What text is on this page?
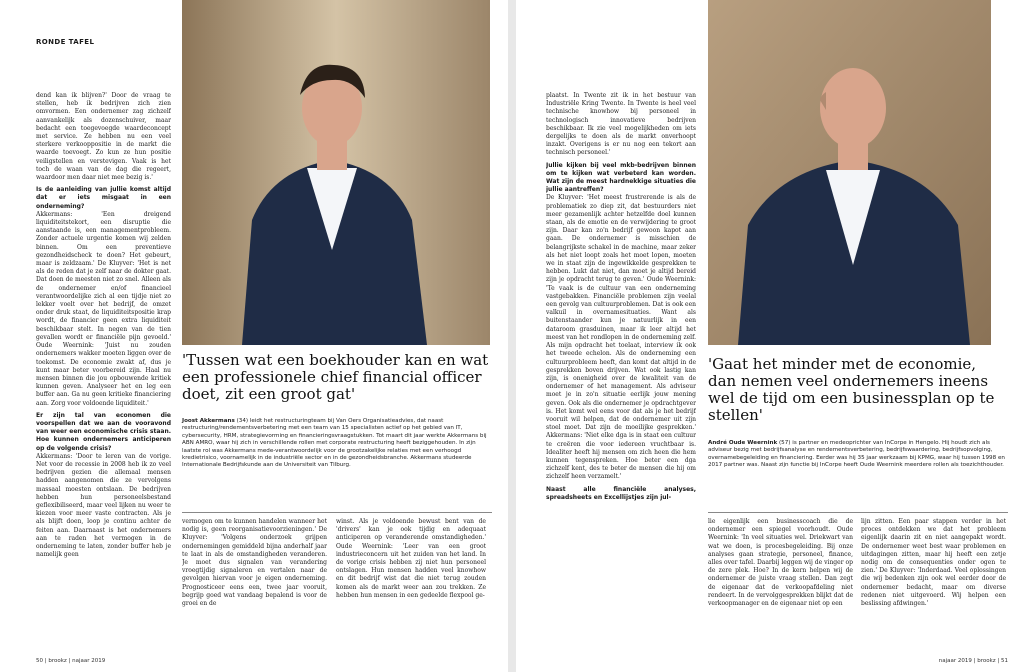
RONDE TAFEL

dend kan ik blijven?' Door de vraag te stellen, heb ik bedrijven zich zien omvormen. Een ondernemer zag zichzelf aanvankelijk als dozenschuiver, maar bedacht een toegevoegde waardeconcept met service. Ze hebben nu een veel sterkere verkooppositie in de markt die waarde toevoegt. Zo kun ze hun positie veiligstellen en verstevigen. Vaak is het toch de waan van de dag die regeert, waardoor men daar niet mee bezig is.'

Is de aanleiding van jullie komst altijd dat er iets misgaat in een onderneming?

Akkermans: 'Een dreigend liquiditeitstekort, een disruptie die aanstaande is, een managementprobleem. Zonder actuele urgentie komen wij zelden binnen. Om een preventieve gezondheidscheck te doen? Het gebeurt, maar is zeldzaam.' De Kluyver: 'Het is net als de reden dat je zelf naar de dokter gaat. Dat doen de meesten niet zo snel. Alleen als de ondernemer en/of financieel verantwoordelijke zich al een tijdje niet zo lekker voelt over het bedrijf, de omzet onder druk staat, de liquiditeitspositie krap wordt, de financier geen extra liquiditeit beschikbaar stelt. In negen van de tien gevallen wordt er financiële pijn gevoeld.' Oude Weernink: 'Juist nu zouden ondernemers wakker moeten liggen over de toekomst. De economie zwakt af, dus je kunt maar beter voorbereid zijn. Haal nu mensen binnen die jou opbouwende kritiek kunnen geven. Analyseer het en leg een buffer aan. Ga nu geen kritieke financiering aan. Zorg voor voldoende liquiditeit.'

Er zijn tal van economen die voorspellen dat we aan de vooravond van weer een economische crisis staan. Hoe kunnen ondernemers anticiperen op de volgende crisis?

Akkermans: 'Door te leren van de vorige. Net voor de recessie in 2008 heb ik zo veel bedrijven gezien die allemaal mensen hadden aangenomen die ze vervolgens massaal moesten ontslaan. De bedrijven hebben hun personeelsbestand geflexibiliseerd, maar veel lijken nu weer te kiezen voor meer vaste contracten. Als je als blijft doen, loop je continu achter de feiten aan. Daarnaast is het ondernemers aan te raden het vermogen in de onderneming te laten, zonder buffer heb je namelijk geen

'Tussen wat een boekhouder kan en wat een professionele chief financial officer doet, zit een groot gat'
Joost Akkermans (34) leidt het restructuringteam bij Van Oers Organisatieadvies, dat naast restructuring/rendementsverbetering met een team van 15 specialisten actief op het gebied van IT, cybersecurity, HRM, strategievorming en financieringsvraagstukken. Tot maart dit jaar werkte Akkermans bij ABN AMRO, waar hij zich in verschillende rollen met corporate restructuring heeft beziggehouden. In zijn laatste rol was Akkermans mede-verantwoordelijk voor de grootzakelijke relaties met een verhoogd kredietrisico, voornamelijk in de industriële sector en in de gezondheidsbranche. Akkermans studeerde Internationale Bedrijfskunde aan de Universiteit van Tilburg.

vermogen om te kunnen handelen wanneer het nodig is, geen reorganisatievoorzieningen.' De Kluyver: 'Volgens onderzoek grijpen ondernemingen gemiddeld bijna anderhalf jaar te laat in als de omstandigheden veranderen. Je moet dus signalen van verandering vroegtijdig signaleren en vertalen naar de gevolgen hiervan voor je eigen onderneming. Prognosticeer eens een, twee jaar vooruit, begrijp goed wat vandaag bepalend is voor de groei en de

winst. Als je voldoende bewust bent van de 'drivers' kan je ook tijdig en adequaat anticiperen op veranderende omstandigheden.' Oude Weernink: 'Leer van een groot industrieconcern uit het zuiden van het land. In de vorige crisis hebben zij niet hun personeel ontslagen. Hun mensen hadden veel knowhow en dit bedrijf wist dat die niet terug zouden komen als de markt weer aan zou trekken. Ze hebben hun mensen in een gedeelde flexpool ge-

50 | brookz | najaar 2019

plaatst. In Twente zit ik in het bestuur van Industriële Kring Twente. In Twente is heel veel technische knowhow bij personeel in technologisch innovatieve bedrijven beschikbaar. Ik zie veel mogelijkheden om iets dergelijks te doen als de markt onverhoopt inzakt. Overigens is er nu nog een tekort aan technisch personeel.'

Jullie kijken bij veel mkb-bedrijven binnen om te kijken wat verbeterd kan worden. Wat zijn de meest hardnekkige situaties die jullie aantreffen?

De Kluyver: 'Het meest frustrerende is als de problematiek zo diep zit, dat bestuurders niet meer gezamenlijk achter hetzelfde doel kunnen staan, als de emotie en de verwijdering te groot zijn. Daar kan zo'n bedrijf gewoon kapot aan gaan. De ondernemer is misschien de belangrijkste schakel in de machine, maar zeker als het niet loopt zoals het moet lopen, moeten we in staat zijn de ingewikkelde gesprekken te hebben. Lukt dat niet, dan moet je altijd bereid zijn je opdracht terug te geven.' Oude Weernink: 'Te vaak is de cultuur van een onderneming vastgebakken. Financiële problemen zijn veelal een gevolg van cultuurproblemen. Dat is ook een valkuil in overnamesituaties. Want als buitenstaander kun je natuurlijk in een dataroom grasduinen, maar ik leer altijd het meest van het rondlopen in de onderneming zelf. Als mijn opdracht het toelaat, interview ik ook het tweede echelon. Als de onderneming een cultuurprobleem heeft, dan komt dat altijd in de gesprekken boven drijven. Wat ook lastig kan zijn, is onenigheid over de kwaliteit van de ondernemer of het management. Als adviseur moet je in zo'n situatie eerlijk jouw mening geven. Ook als die ondernemer je opdrachtgever is. Het komt wel eens voor dat als je het bedrijf vooruit wil helpen, dat de ondernemer uit zijn stoel moet. Dat zijn de moeilijke gesprekken.' Akkermans: 'Niet elke dga is in staat een cultuur te creëren die voor iedereen vruchtbaar is. Idealiter heeft hij mensen om zich heen die hem kunnen tegenspreken. Hoe beter een dga zichzelf kent, des te beter de mensen die hij om zichzelf heen verzamelt.'

Naast alle financiële analyses, spreadsheets en Excellijstjes zijn jul-

'Gaat het minder met de economie, dan nemen veel ondernemers ineens wel de tijd om een businessplan op te stellen'
André Oude Weernink (57) is partner en medeoprichter van InCorpe in Hengelo. Hij houdt zich als adviseur bezig met bedrijfsanalyse en rendementsverbetering, bedrijfswaardering, bedrijfsopvolging, overnamebegeleiding en financiering. Eerder was hij 35 jaar werkzaam bij KPMG, waar hij tussen 1998 en 2017 partner was. Naast zijn functie bij InCorpe heeft Oude Weernink meerdere rollen als toezichthouder.

lie eigenlijk een businesscoach die de ondernemer een spiegel voorhoudt. Oude Weernink: 'In veel situaties wel. Driekwart van wat we doen, is procesbegeleiding. Bij onze analyses gaan strategie, personeel, finance, alles over tafel. Daarbij leggen wij de vinger op de zere plek. Hoe? In de kern helpen wij de ondernemer de juiste vraag stellen. Dan zegt de eigenaar dat de verkoopafdeling niet rendeert. In de vervolggesprekken blijkt dat de verkoopmanager en de eigenaar niet op een

lijn zitten. Een paar stappen verder in het proces ontdekken we dat het probleem eigenlijk daarin zit en niet aangepakt wordt. De ondernemer weet best waar problemen en uitdagingen zitten, maar hij heeft een zetje nodig om de consequenties onder ogen te zien.' De Kluyver: 'Inderdaad. Veel oplossingen die wij bedenken zijn ook wel eerder door de ondernemer bedacht, maar om diverse redenen niet uitgevoerd. Wij helpen een beslissing afdwingen.'

najaar 2019 | brookz | 51
